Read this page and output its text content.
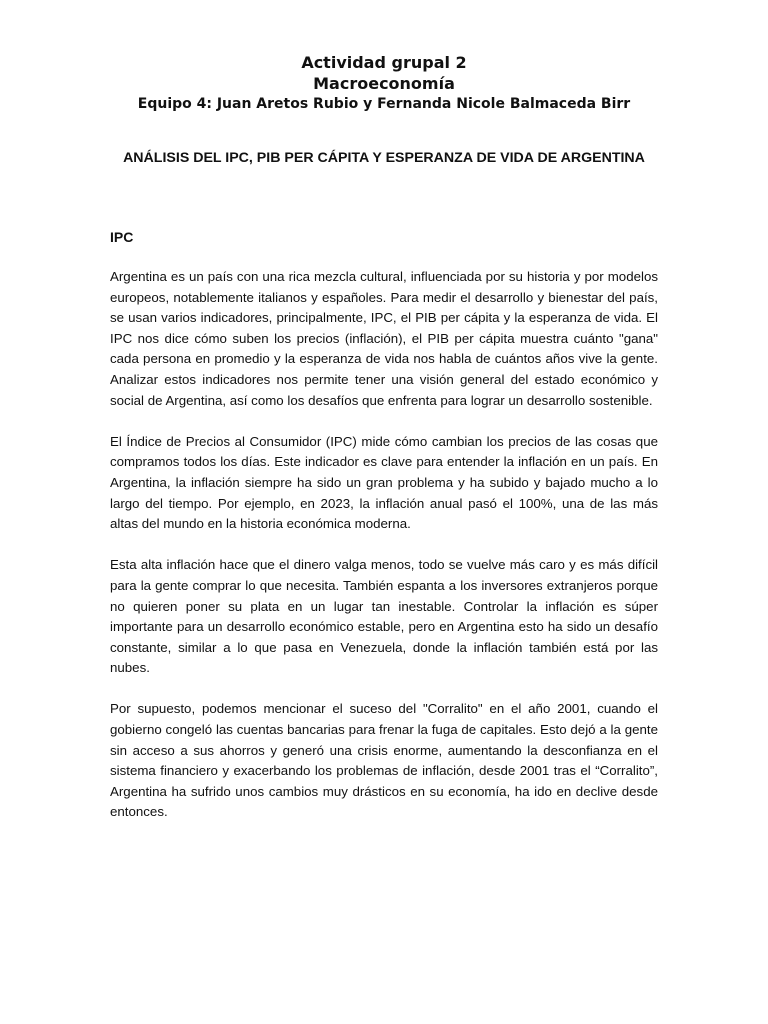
Actividad grupal 2
Macroeconomía
Equipo 4: Juan Aretos Rubio y Fernanda Nicole Balmaceda Birr
ANÁLISIS DEL IPC, PIB PER CÁPITA Y ESPERANZA DE VIDA DE ARGENTINA
IPC

Argentina es un país con una rica mezcla cultural, influenciada por su historia y por modelos europeos, notablemente italianos y españoles. Para medir el desarrollo y bienestar del país, se usan varios indicadores, principalmente, IPC, el PIB per cápita y la esperanza de vida. El IPC nos dice cómo suben los precios (inflación), el PIB per cápita muestra cuánto "gana" cada persona en promedio y la esperanza de vida nos habla de cuántos años vive la gente. Analizar estos indicadores nos permite tener una visión general del estado económico y social de Argentina, así como los desafíos que enfrenta para lograr un desarrollo sostenible.

El Índice de Precios al Consumidor (IPC) mide cómo cambian los precios de las cosas que compramos todos los días. Este indicador es clave para entender la inflación en un país. En Argentina, la inflación siempre ha sido un gran problema y ha subido y bajado mucho a lo largo del tiempo. Por ejemplo, en 2023, la inflación anual pasó el 100%, una de las más altas del mundo en la historia económica moderna.

Esta alta inflación hace que el dinero valga menos, todo se vuelve más caro y es más difícil para la gente comprar lo que necesita. También espanta a los inversores extranjeros porque no quieren poner su plata en un lugar tan inestable. Controlar la inflación es súper importante para un desarrollo económico estable, pero en Argentina esto ha sido un desafío constante, similar a lo que pasa en Venezuela, donde la inflación también está por las nubes.

Por supuesto, podemos mencionar el suceso del "Corralito" en el año 2001, cuando el gobierno congeló las cuentas bancarias para frenar la fuga de capitales. Esto dejó a la gente sin acceso a sus ahorros y generó una crisis enorme, aumentando la desconfianza en el sistema financiero y exacerbando los problemas de inflación, desde 2001 tras el “Corralito”, Argentina ha sufrido unos cambios muy drásticos en su economía, ha ido en declive desde entonces.
